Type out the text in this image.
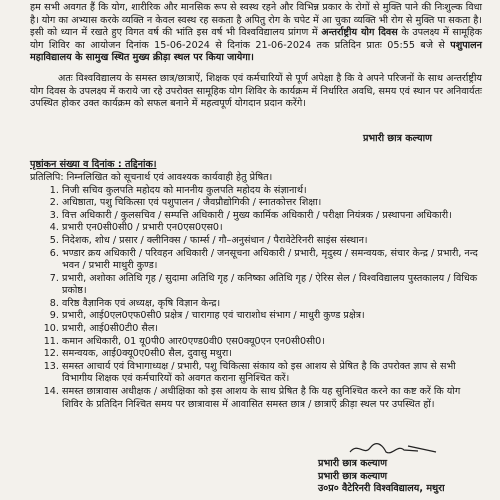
हम सभी अवगत हैं कि योग, शारीरिक और मानसिक रूप से स्वस्थ रहने और विभिन्न प्रकार के रोगों से मुक्ति पाने की निःशुल्क विधा है। योग का अभ्यास करके व्यक्ति न केवल स्वस्थ रह सकता है अपितु रोग के चपेट में आ चुका व्यक्ति भी रोग से मुक्ति पा सकता है। इसी को ध्यान में रखते हुए विगत वर्ष की भांति इस वर्ष भी विश्वविद्यालय प्रांगण में अन्तर्राष्ट्रीय योग दिवस के उपलक्ष्य में सामूहिक योग शिविर का आयोजन दिनांक 15-06-2024 से दिनांक 21-06-2024 तक प्रतिदिन प्रातः 05:55 बजे से पशुपालन महाविद्यालय के सामुख स्थित मुख्य क्रीड़ा स्थल पर किया जायेगा।

अतः विश्वविद्यालय के समस्त छात्र/छात्राऐं, शिक्षक एवं कर्मचारियों से पूर्ण अपेक्षा है कि वे अपने परिजनों के साथ अन्तर्राष्ट्रीय योग दिवस के उपलक्ष्य में कराये जा रहे उपरोक्त सामूहिक योग शिविर के कार्यक्रम में निर्धारित अवधि, समय एवं स्थान पर अनिवार्यतः उपस्थित होकर उक्त कार्यक्रम को सफल बनाने में महत्वपूर्ण योगदान प्रदान करेंगे।

प्रभारी छात्र कल्याण

पृष्ठांकन संख्या व दिनांक : तद्दिनांक।

प्रतिलिपि: निम्नलिखित को सूचनार्थ एवं आवश्यक कार्यवाही हेतु प्रेषित।

1. निजी सचिव कुलपति महोदय को माननीय कुलपति महोदय के संज्ञानार्थ।
2. अधिष्ठाता, पशु चिकित्सा एवं पशुपालन / जैवप्रौद्योगिकी / स्नातकोत्तर शिक्षा।
3. वित्त अधिकारी / कुलसचिव / सम्पत्ति अधिकारी / मुख्य कार्मिक अधिकारी / परीक्षा नियंत्रक / प्रस्थापना अधिकारी।
4. प्रभारी एन0सी0सी0 / प्रभारी एन0एस0एस0।
5. निदेशक, शोध / प्रसार / क्लीनिक्स / फार्म्स / गौ–अनुसंधान / पैरावेटेरिनरी साइंस संस्थान।
6. भण्डार क्रय अधिकारी / परिवहन अधिकारी / जनसूचना अधिकारी / प्रभारी, मृदुस्य / समन्वयक, संचार केन्द्र / प्रभारी, नन्द भवन / प्रभारी माथुरी कुण्ड।
7. प्रभारी, अशोका अतिथि गृह / सुदामा अतिथि गृह / कनिष्का अतिथि गृह / ऐरिस सेल / विश्वविद्यालय पुस्तकालय / विधिक प्रकोष्ठ।
8. वरिष्ठ वैज्ञानिक एवं अध्यक्ष, कृषि विज्ञान केन्द्र।
9. प्रभारी, आई0एल0एफ0सी0 प्रक्षेत्र / चारागाह एवं चाराशोध संभाग / माधुरी कुण्ड प्रक्षेत्र।
10. प्रभारी, आई0सी0टी0 सैल।
11. कमान अधिकारी, 01 यू0पी0 आर0एण्ड0वी0 एस0क्यू0एन एन0सी0सी0।
12. समन्वयक, आई0क्यू0ए0सी0 सैल, दुवासु मथुरा।
13. समस्त आचार्य एवं विभागाध्यक्ष / प्रभारी, पशु चिकित्सा संकाय को इस आशय से प्रेषित है कि उपरोक्त ज्ञाप से सभी विभागीय शिक्षक एवं कर्मचारियों को अवगत कराना सुनिश्चित करें।
14. समस्त छात्रावास अधीक्षक / अधीक्षिका को इस आशय के साथ प्रेषित है कि यह सुनिश्चित करने का कष्ट करें कि योग शिविर के प्रतिदिन निश्चित समय पर छात्रावास में आवासित समस्त छात्र / छात्राएँ क्रीड़ा स्थल पर उपस्थित हों।

प्रभारी छात्र कल्याण

प्रभारी छात्र कल्याण

उ०प्र० वैटेरिनरी विश्वविद्यालय, मथुरा
